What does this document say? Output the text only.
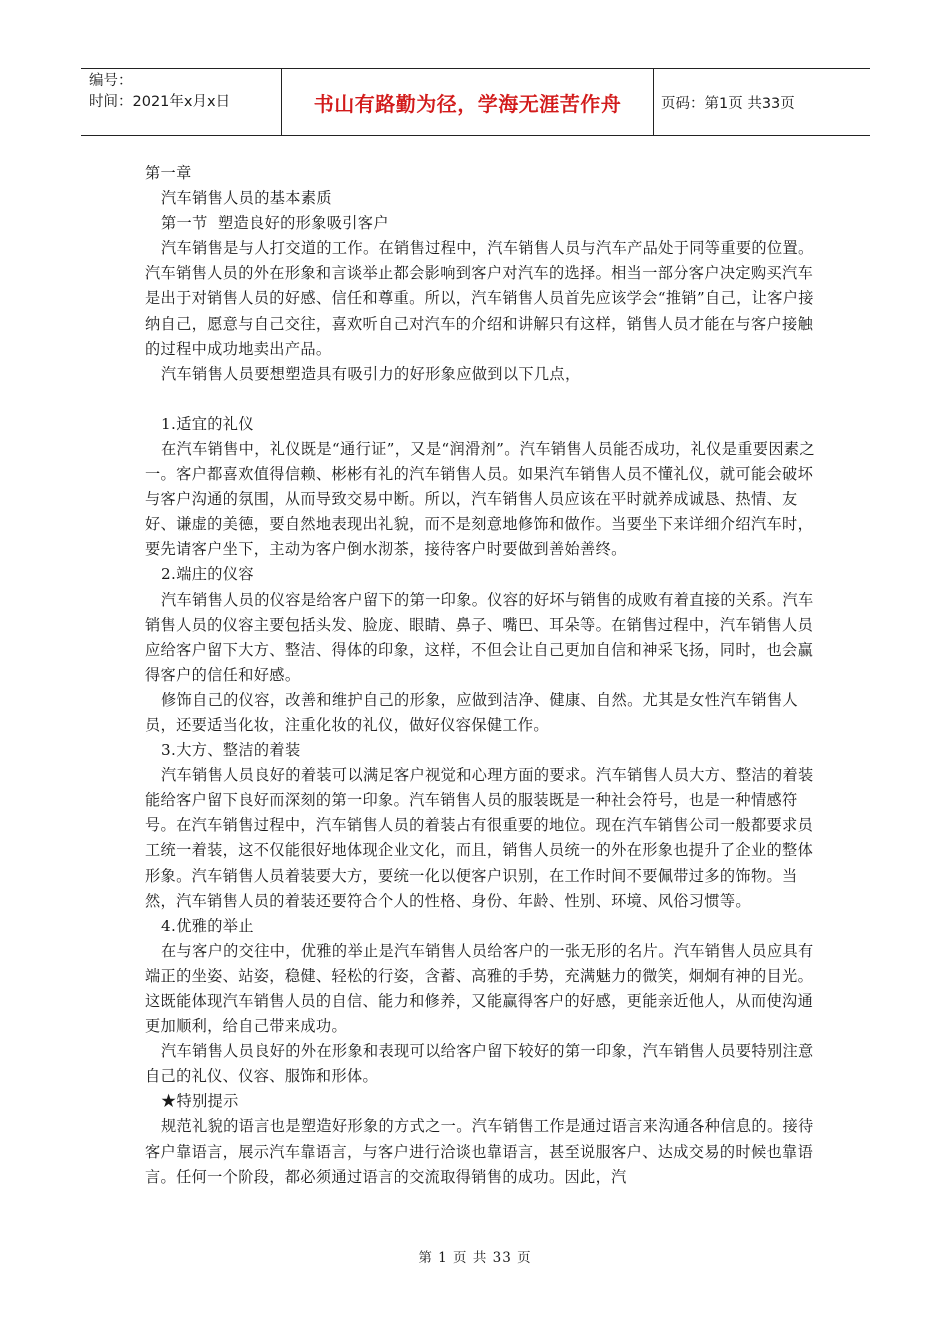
编号：
时间：2021年x月x日	书山有路勤为径，学海无涯苦作舟	页码：第1页 共33页

第一章

汽车销售人员的基本素质

第一节  塑造良好的形象吸引客户

汽车销售是与人打交道的工作。在销售过程中，汽车销售人员与汽车产品处于同等重要的位置。汽车销售人员的外在形象和言谈举止都会影响到客户对汽车的选择。相当一部分客户决定购买汽车是出于对销售人员的好感、信任和尊重。所以，汽车销售人员首先应该学会“推销”自己，让客户接纳自己，愿意与自己交往，喜欢听自己对汽车的介绍和讲解只有这样，销售人员才能在与客户接触的过程中成功地卖出产品。

汽车销售人员要想塑造具有吸引力的好形象应做到以下几点，

1.适宜的礼仪

在汽车销售中，礼仪既是“通行证”，又是“润滑剂”。汽车销售人员能否成功，礼仪是重要因素之一。客户都喜欢值得信赖、彬彬有礼的汽车销售人员。如果汽车销售人员不懂礼仪，就可能会破坏与客户沟通的氛围，从而导致交易中断。所以，汽车销售人员应该在平时就养成诚恳、热情、友好、谦虚的美德，要自然地表现出礼貌，而不是刻意地修饰和做作。当要坐下来详细介绍汽车时，要先请客户坐下，主动为客户倒水沏茶，接待客户时要做到善始善终。

2.端庄的仪容

汽车销售人员的仪容是给客户留下的第一印象。仪容的好坏与销售的成败有着直接的关系。汽车销售人员的仪容主要包括头发、脸庞、眼睛、鼻子、嘴巴、耳朵等。在销售过程中，汽车销售人员应给客户留下大方、整洁、得体的印象，这样，不但会让自己更加自信和神采飞扬，同时，也会赢得客户的信任和好感。

修饰自己的仪容，改善和维护自己的形象，应做到洁净、健康、自然。尤其是女性汽车销售人员，还要适当化妆，注重化妆的礼仪，做好仪容保健工作。

3.大方、整洁的着装

汽车销售人员良好的着装可以满足客户视觉和心理方面的要求。汽车销售人员大方、整洁的着装能给客户留下良好而深刻的第一印象。汽车销售人员的服装既是一种社会符号，也是一种情感符号。在汽车销售过程中，汽车销售人员的着装占有很重要的地位。现在汽车销售公司一般都要求员工统一着装，这不仅能很好地体现企业文化，而且，销售人员统一的外在形象也提升了企业的整体形象。汽车销售人员着装要大方，要统一化以便客户识别，在工作时间不要佩带过多的饰物。当然，汽车销售人员的着装还要符合个人的性格、身份、年龄、性别、环境、风俗习惯等。

4.优雅的举止

在与客户的交往中，优雅的举止是汽车销售人员给客户的一张无形的名片。汽车销售人员应具有端正的坐姿、站姿，稳健、轻松的行姿，含蓄、高雅的手势，充满魅力的微笑，炯炯有神的目光。这既能体现汽车销售人员的自信、能力和修养，又能赢得客户的好感，更能亲近他人，从而使沟通更加顺利，给自己带来成功。

汽车销售人员良好的外在形象和表现可以给客户留下较好的第一印象，汽车销售人员要特别注意自己的礼仪、仪容、服饰和形体。

★特别提示

规范礼貌的语言也是塑造好形象的方式之一。汽车销售工作是通过语言来沟通各种信息的。接待客户靠语言，展示汽车靠语言，与客户进行洽谈也靠语言，甚至说服客户、达成交易的时候也靠语言。任何一个阶段，都必须通过语言的交流取得销售的成功。因此，汽

第 1 页 共 33 页
